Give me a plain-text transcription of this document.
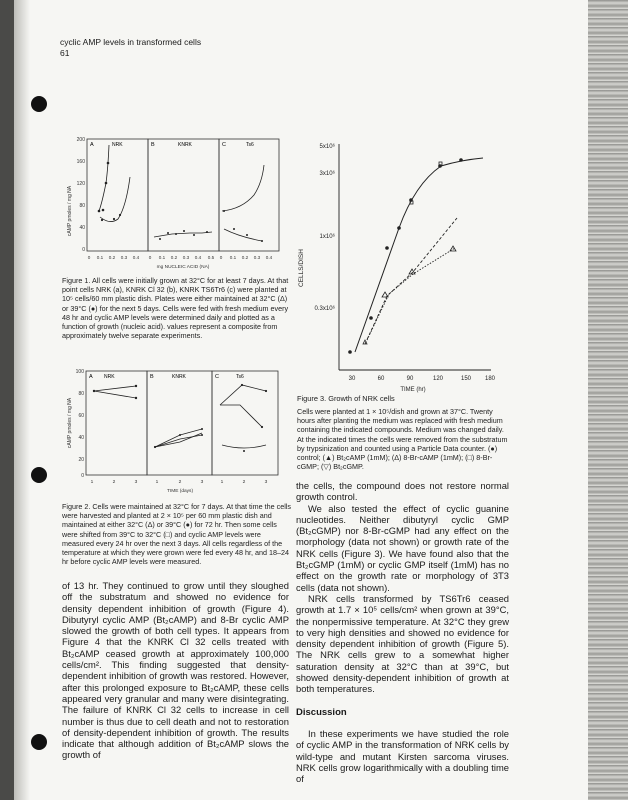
cyclic AMP levels in transformed cells
61
cAMP pmoles / mg NA
200
160
120
80
40
0
A	NRK	B	KNRK	C	Ts6
0 0.1 0.2 0.3 0.4 0 0.1 0.2 0.3 0.4 0.5 0 0.1 0.2 0.3 0.4
mg NUCLEIC ACID (NA)
Figure 1. All cells were initially grown at 32°C for at least 7 days. At that point cells NRK (a), KNRK Cl 32 (b), KNRK TS6Tr6 (c) were planted at 10⁵ cells/60 mm plastic dish. Plates were either maintained at 32°C (Δ) or 39°C (●) for the next 5 days. Cells were fed with fresh medium every 48 hr and cyclic AMP levels were determined daily and plotted as a function of growth (nucleic acid). values represent a composite from approximately twelve separate experiments.
cAMP pmoles / mg NA
100
80
60
40
20
0
A NRK	B	KNRK	C	Ts6
1	2	3	1	2	3	1	2	3
TIME (days)
Figure 2. Cells were maintained at 32°C for 7 days. At that time the cells were harvested and planted at 2 × 10⁵ per 60 mm plastic dish and maintained at either 32°C (Δ) or 39°C (●) for 72 hr. Then some cells were shifted from 39°C to 32°C (□) and cyclic AMP levels were measured every 24 hr over the next 3 days. All cells regardless of the temperature at which they were grown were fed every 48 hr, and 18–24 hr before cyclic AMP levels were measured.
CELLS/DISH
5x10⁶
3x10⁶
1x10⁶
0.3x10⁶
30	60	90	120	150 180
TIME (hr)
Figure 3. Growth of NRK cells
Cells were planted at 1 × 10⁵/dish and grown at 37°C. Twenty hours after planting the medium was replaced with fresh medium containing the indicated compounds. Medium was changed daily. At the indicated times the cells were removed from the substratum by trypsinization and counted using a Particle Data counter. (●) control; (▲) Bt₂cAMP (1mM); (Δ) 8-Br-cAMP (1mM); (□) 8-Br-cGMP; (▽) Bt₂cGMP.

of 13 hr. They continued to grow until they sloughed off the substratum and showed no evidence for density dependent inhibition of growth (Figure 4). Dibutyryl cyclic AMP (Bt₂cAMP) and 8-Br cyclic AMP slowed the growth of both cell types. It appears from Figure 4 that the KNRK Cl 32 cells treated with Bt₂cAMP ceased growth at approximately 100,000 cells/cm². This finding suggested that density-dependent inhibition of growth was restored. However, after this prolonged exposure to Bt₂cAMP, these cells appeared very granular and many were disintegrating. The failure of KNRK Cl 32 cells to increase in cell number is thus due to cell death and not to restoration of density-dependent inhibition of growth. The results indicate that although addition of Bt₂cAMP slows the growth of

the cells, the compound does not restore normal growth control.

We also tested the effect of cyclic guanine nucleotides. Neither dibutyryl cyclic GMP (Bt₂cGMP) nor 8-Br-cGMP had any effect on the morphology (data not shown) or growth rate of the NRK cells (Figure 3). We have found also that the Bt₂cGMP (1mM) or cyclic GMP itself (1mM) has no effect on the growth rate or morphology of 3T3 cells (data not shown).

NRK cells transformed by TS6Tr6 ceased growth at 1.7 × 10⁵ cells/cm² when grown at 39°C, the nonpermissive temperature. At 32°C they grew to very high densities and showed no evidence for density dependent inhibition of growth (Figure 5). The NRK cells grew to a somewhat higher saturation density at 32°C than at 39°C, but showed density-dependent inhibition of growth at both temperatures.

Discussion

In these experiments we have studied the role of cyclic AMP in the transformation of NRK cells by wild-type and mutant Kirsten sarcoma viruses. NRK cells grow logarithmically with a doubling time of
